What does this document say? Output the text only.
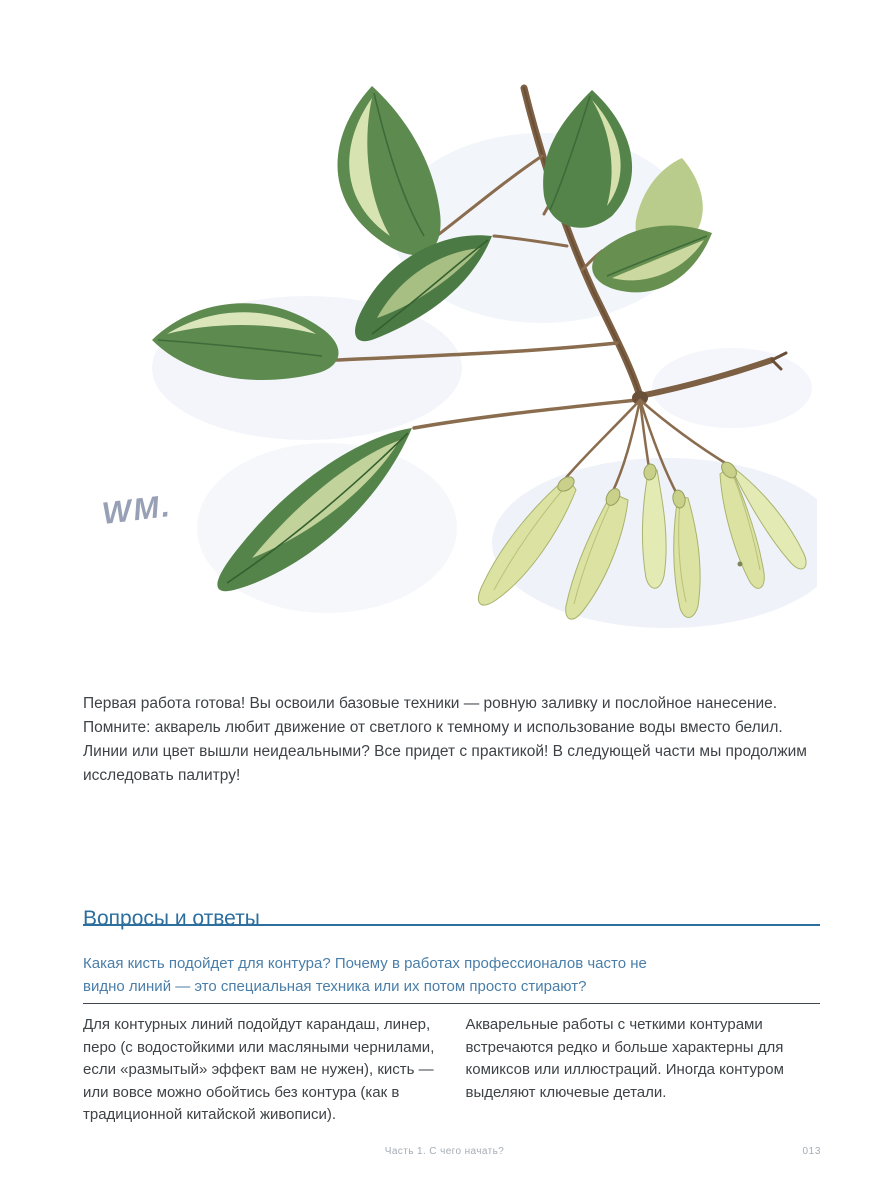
WM.

Первая работа готова! Вы освоили базовые техники — ровную заливку и послойное нанесение. Помните: акварель любит движение от светлого к темному и использование воды вместо белил. Линии или цвет вышли неидеальными? Все придет с практикой! В следующей части мы продолжим исследовать палитру!

Вопросы и ответы

Какая кисть подойдет для контура? Почему в работах профессионалов часто не видно линий — это специальная техника или их потом просто стирают?

Для контурных линий подойдут карандаш, линер, перо (с водостойкими или масляными чернилами, если «размытый» эффект вам не нужен), кисть — или вовсе можно обойтись без контура (как в традиционной китайской живописи).

Акварельные работы с четкими контурами встречаются редко и больше характерны для комиксов или иллюстраций. Иногда контуром выделяют ключевые детали.

Часть 1. С чего начать?	013
